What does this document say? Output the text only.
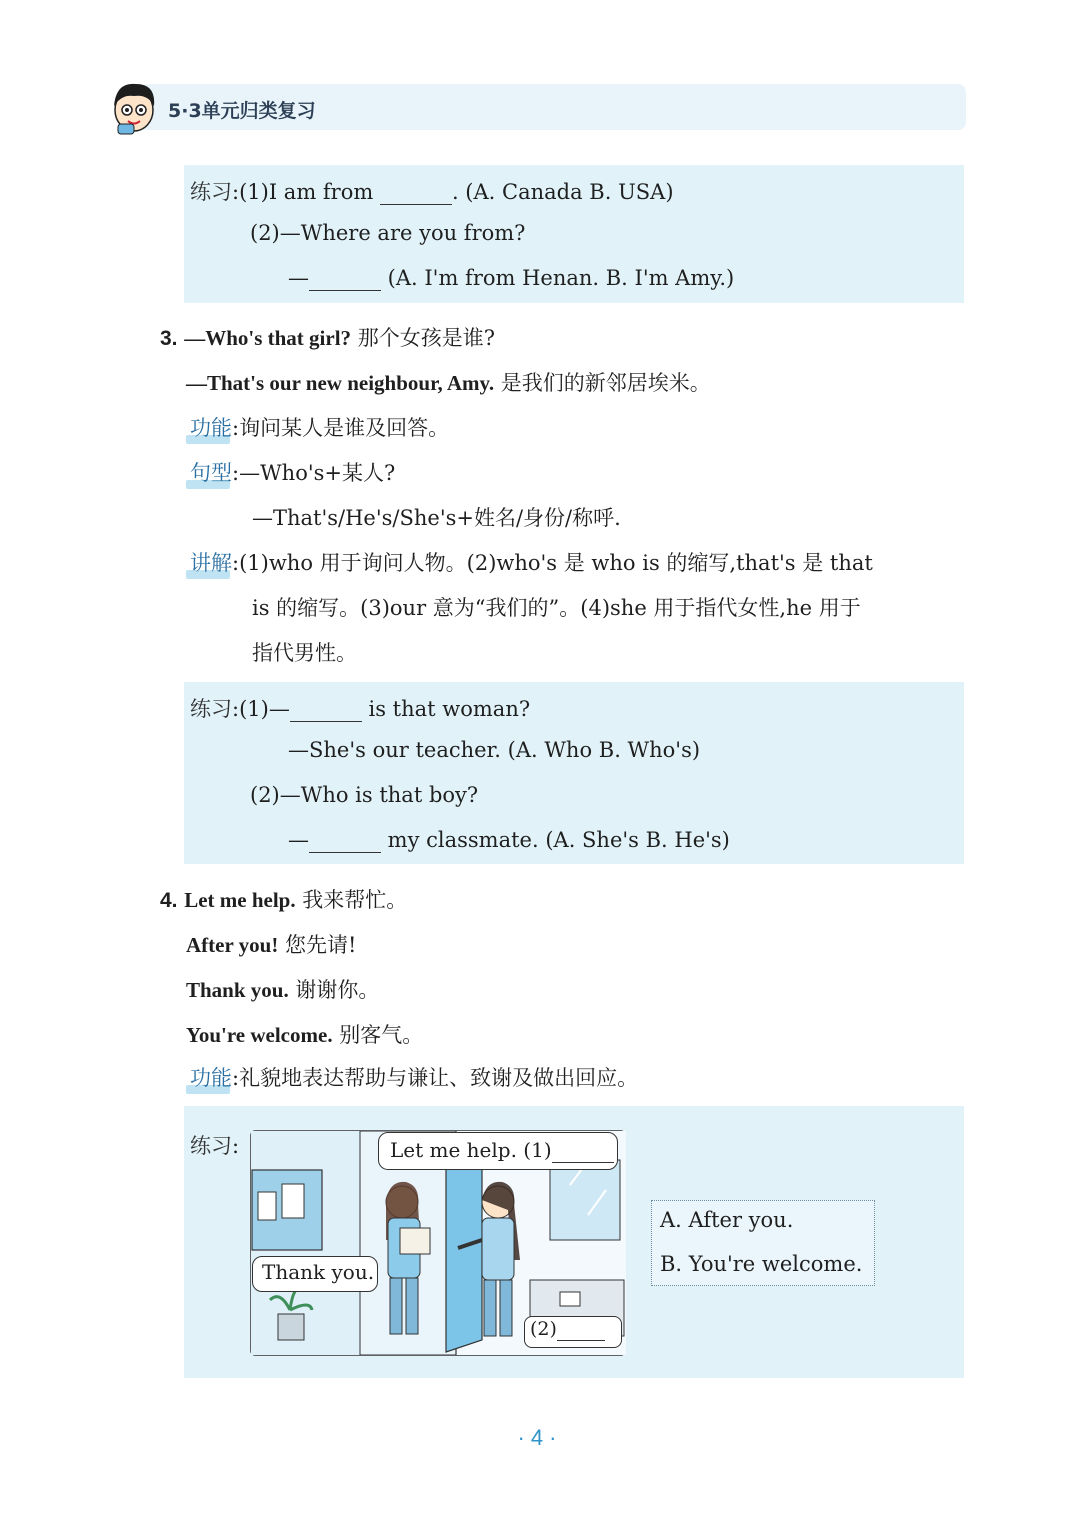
5·3单元归类复习
练习:(1)I am from	. (A. Canada B. USA)
(2)—Where are you from?
—	(A. I'm from Henan. B. I'm Amy.)
3. —Who's that girl? 那个女孩是谁?
—That's our new neighbour, Amy. 是我们的新邻居埃米。
功能:询问某人是谁及回答。
句型:—Who's+某人?
—That's/He's/She's+姓名/身份/称呼.
讲解:(1)who 用于询问人物。(2)who's 是 who is 的缩写,that's 是 that
is 的缩写。(3)our 意为“我们的”。(4)she 用于指代女性,he 用于
指代男性。
练习:(1)—	is that woman?
—She's our teacher. (A. Who B. Who's)
(2)—Who is that boy?
—	my classmate. (A. She's B. He's)
4. Let me help. 我来帮忙。
After you! 您先请!
Thank you. 谢谢你。
You're welcome. 别客气。
功能:礼貌地表达帮助与谦让、致谢及做出回应。
练习:	Let me help. (1)
Thank you.
(2)
A. After you.
B. You're welcome.
·4·
